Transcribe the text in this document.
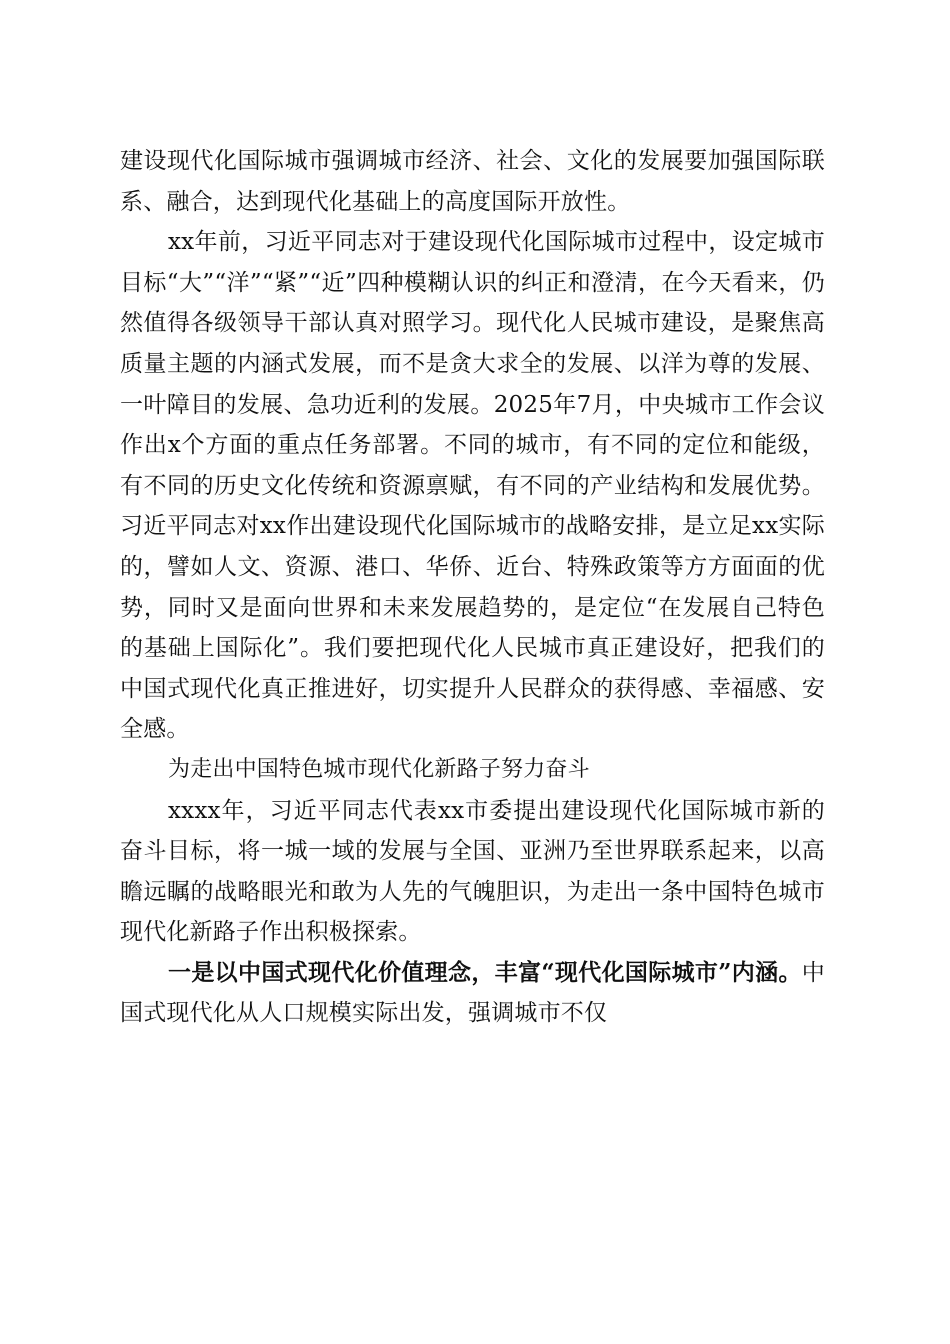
建设现代化国际城市强调城市经济、社会、文化的发展要加强国际联系、融合，达到现代化基础上的高度国际开放性。

xx年前，习近平同志对于建设现代化国际城市过程中，设定城市目标“大”“洋”“紧”“近”四种模糊认识的纠正和澄清，在今天看来，仍然值得各级领导干部认真对照学习。现代化人民城市建设，是聚焦高质量主题的内涵式发展，而不是贪大求全的发展、以洋为尊的发展、一叶障目的发展、急功近利的发展。2025年7月，中央城市工作会议作出x个方面的重点任务部署。不同的城市，有不同的定位和能级，有不同的历史文化传统和资源禀赋，有不同的产业结构和发展优势。习近平同志对xx作出建设现代化国际城市的战略安排，是立足xx实际的，譬如人文、资源、港口、华侨、近台、特殊政策等方方面面的优势，同时又是面向世界和未来发展趋势的，是定位“在发展自己特色的基础上国际化”。我们要把现代化人民城市真正建设好，把我们的中国式现代化真正推进好，切实提升人民群众的获得感、幸福感、安全感。

为走出中国特色城市现代化新路子努力奋斗

xxxx年，习近平同志代表xx市委提出建设现代化国际城市新的奋斗目标，将一城一域的发展与全国、亚洲乃至世界联系起来，以高瞻远瞩的战略眼光和敢为人先的气魄胆识，为走出一条中国特色城市现代化新路子作出积极探索。

一是以中国式现代化价值理念，丰富“现代化国际城市”内涵。中国式现代化从人口规模实际出发，强调城市不仅
